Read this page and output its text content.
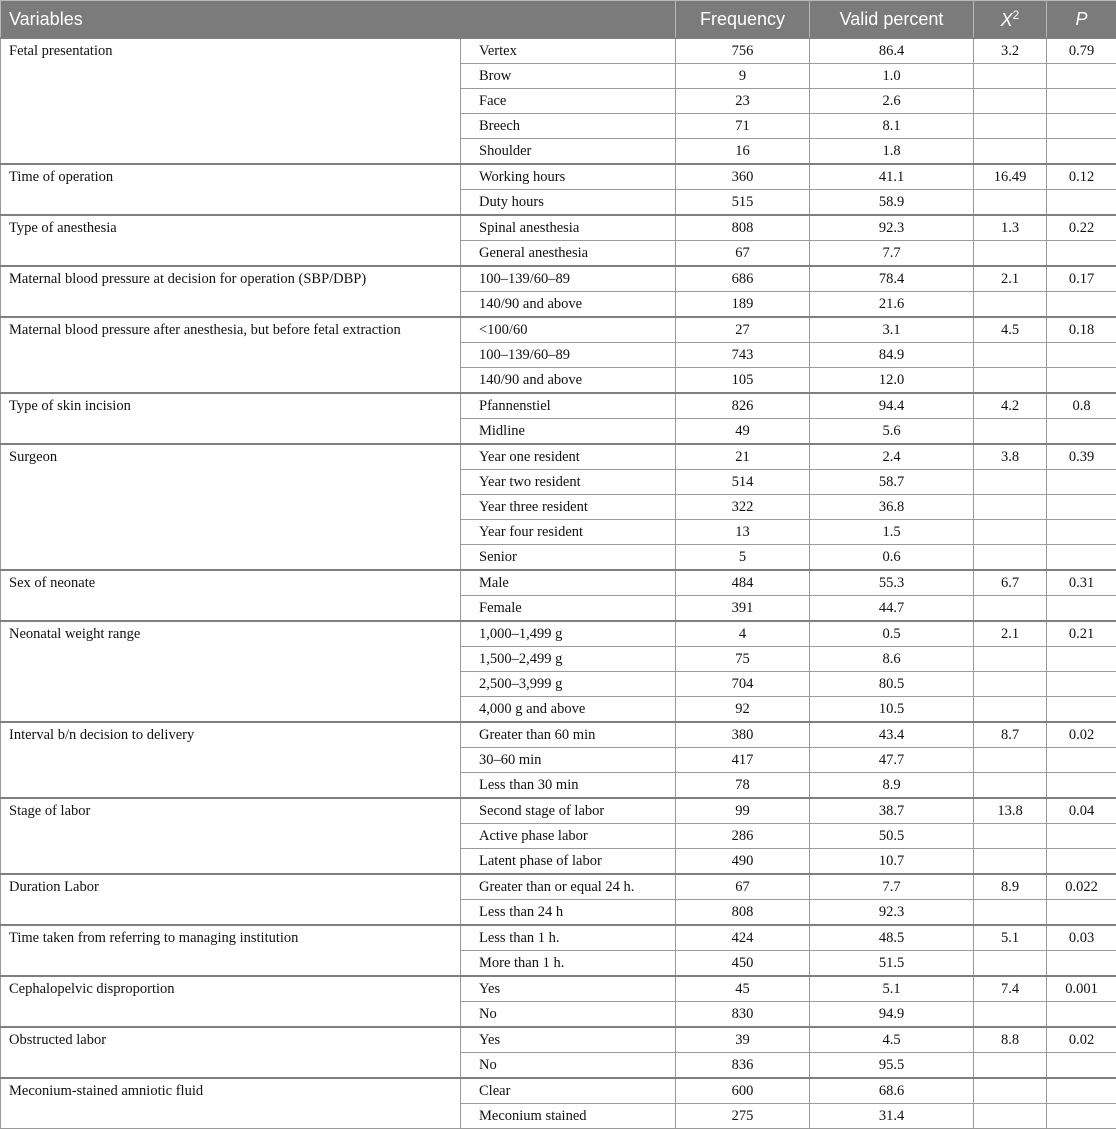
Variables		Frequency	Valid percent	$X^2$	P
Fetal presentation	Vertex	756	86.4	3.2	0.79
	Brow	9	1.0		
	Face	23	2.6		
	Breech	71	8.1		
	Shoulder	16	1.8		
Time of operation	Working hours	360	41.1	16.49	0.12
	Duty hours	515	58.9		
Type of anesthesia	Spinal anesthesia	808	92.3	1.3	0.22
	General anesthesia	67	7.7		
Maternal blood pressure at decision for operation (SBP/DBP)	100–139/60–89	686	78.4	2.1	0.17
	140/90 and above	189	21.6		
Maternal blood pressure after anesthesia, but before fetal extraction	<100/60	27	3.1	4.5	0.18
	100–139/60–89	743	84.9		
	140/90 and above	105	12.0		
Type of skin incision	Pfannenstiel	826	94.4	4.2	0.8
	Midline	49	5.6		
Surgeon	Year one resident	21	2.4	3.8	0.39
	Year two resident	514	58.7		
	Year three resident	322	36.8		
	Year four resident	13	1.5		
	Senior	5	0.6		
Sex of neonate	Male	484	55.3	6.7	0.31
	Female	391	44.7		
Neonatal weight range	1,000–1,499 g	4	0.5	2.1	0.21
	1,500–2,499 g	75	8.6		
	2,500–3,999 g	704	80.5		
	4,000 g and above	92	10.5		
Interval b/n decision to delivery	Greater than 60 min	380	43.4	8.7	0.02
	30–60 min	417	47.7		
	Less than 30 min	78	8.9		
Stage of labor	Second stage of labor	99	38.7	13.8	0.04
	Active phase labor	286	50.5		
	Latent phase of labor	490	10.7		
Duration Labor	Greater than or equal 24 h.	67	7.7	8.9	0.022
	Less than 24 h	808	92.3		
Time taken from referring to managing institution	Less than 1 h.	424	48.5	5.1	0.03
	More than 1 h.	450	51.5		
Cephalopelvic disproportion	Yes	45	5.1	7.4	0.001
	No	830	94.9		
Obstructed labor	Yes	39	4.5	8.8	0.02
	No	836	95.5		
Meconium-stained amniotic fluid	Clear	600	68.6		
	Meconium stained	275	31.4		
